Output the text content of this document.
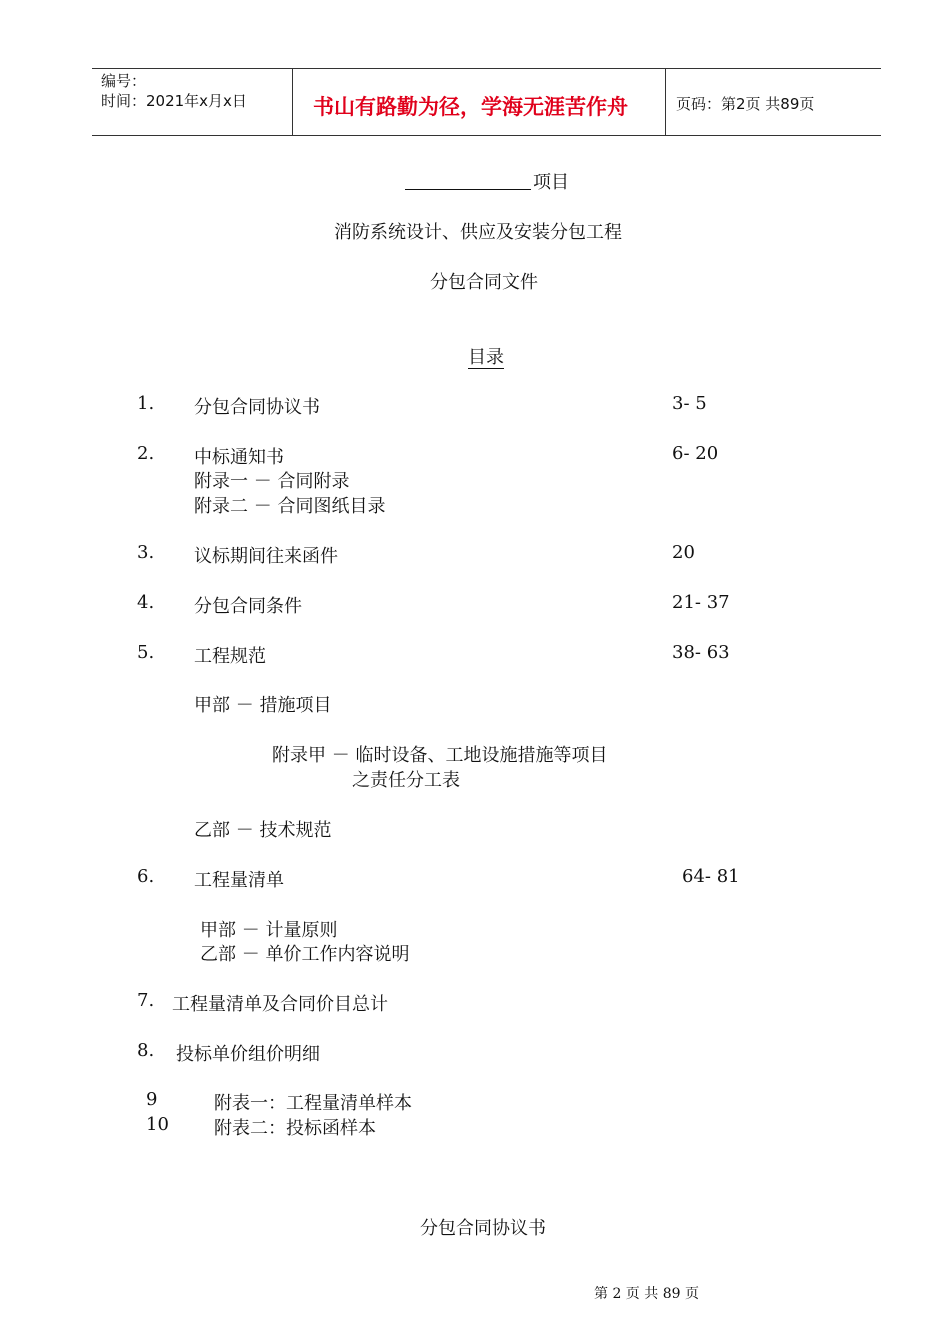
编号：
时间：2021年x月x日	书山有路勤为径，学海无涯苦作舟	页码：第2页 共89页
项目
消防系统设计、供应及安装分包工程
分包合同文件
目录
1. 分包合同协议书	3- 5
2. 中标通知书	6- 20
附录一 － 合同附录
附录二 － 合同图纸目录
3. 议标期间往来函件	20
4. 分包合同条件	21- 37
5. 工程规范	38- 63
甲部 － 措施项目
附录甲 － 临时设备、工地设施措施等项目
之责任分工表
乙部 － 技术规范
6. 工程量清单	64- 81
甲部 － 计量原则
乙部 － 单价工作内容说明
7. 工程量清单及合同价目总计
8. 投标单价组价明细
9	附表一：工程量清单样本
10	附表二：投标函样本
分包合同协议书
第 2 页 共 89 页
